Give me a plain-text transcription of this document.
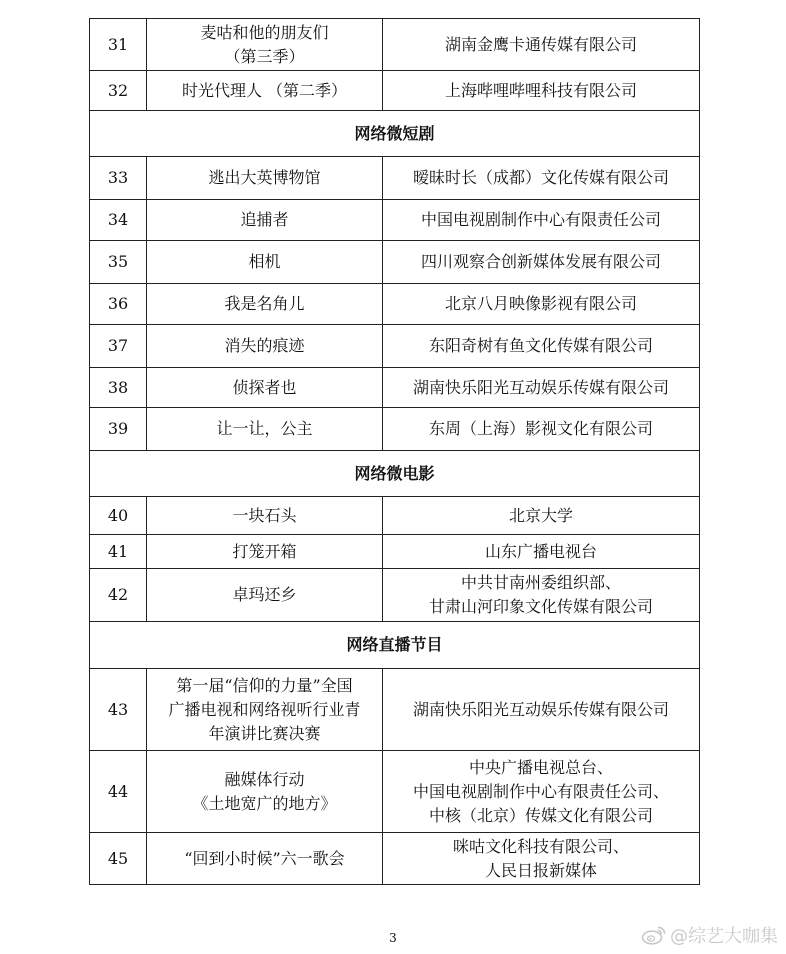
31	麦咕和他的朋友们
（第三季）	湖南金鹰卡通传媒有限公司

32	时光代理人 （第二季）	上海哔哩哔哩科技有限公司

网络微短剧		
33	逃出大英博物馆	暧昧时长（成都）文化传媒有限公司

34	追捕者	中国电视剧制作中心有限责任公司

35	相机	四川观察合创新媒体发展有限公司

36	我是名角儿	北京八月映像影视有限公司

37	消失的痕迹	东阳奇树有鱼文化传媒有限公司

38	侦探者也	湖南快乐阳光互动娱乐传媒有限公司

39	让一让，公主	东周（上海）影视文化有限公司

网络微电影		
40	一块石头	北京大学

41	打笼开箱	山东广播电视台

42	卓玛还乡	中共甘南州委组织部、
甘肃山河印象文化传媒有限公司

网络直播节目		
43	第一届“信仰的力量”全国
广播电视和网络视听行业青
年演讲比赛决赛	湖南快乐阳光互动娱乐传媒有限公司

44	融媒体行动
《土地宽广的地方》	中央广播电视总台、
中国电视剧制作中心有限责任公司、
中核（北京）传媒文化有限公司

45	“回到小时候”六一歌会	咪咕文化科技有限公司、
人民日报新媒体
3	@综艺大咖集
